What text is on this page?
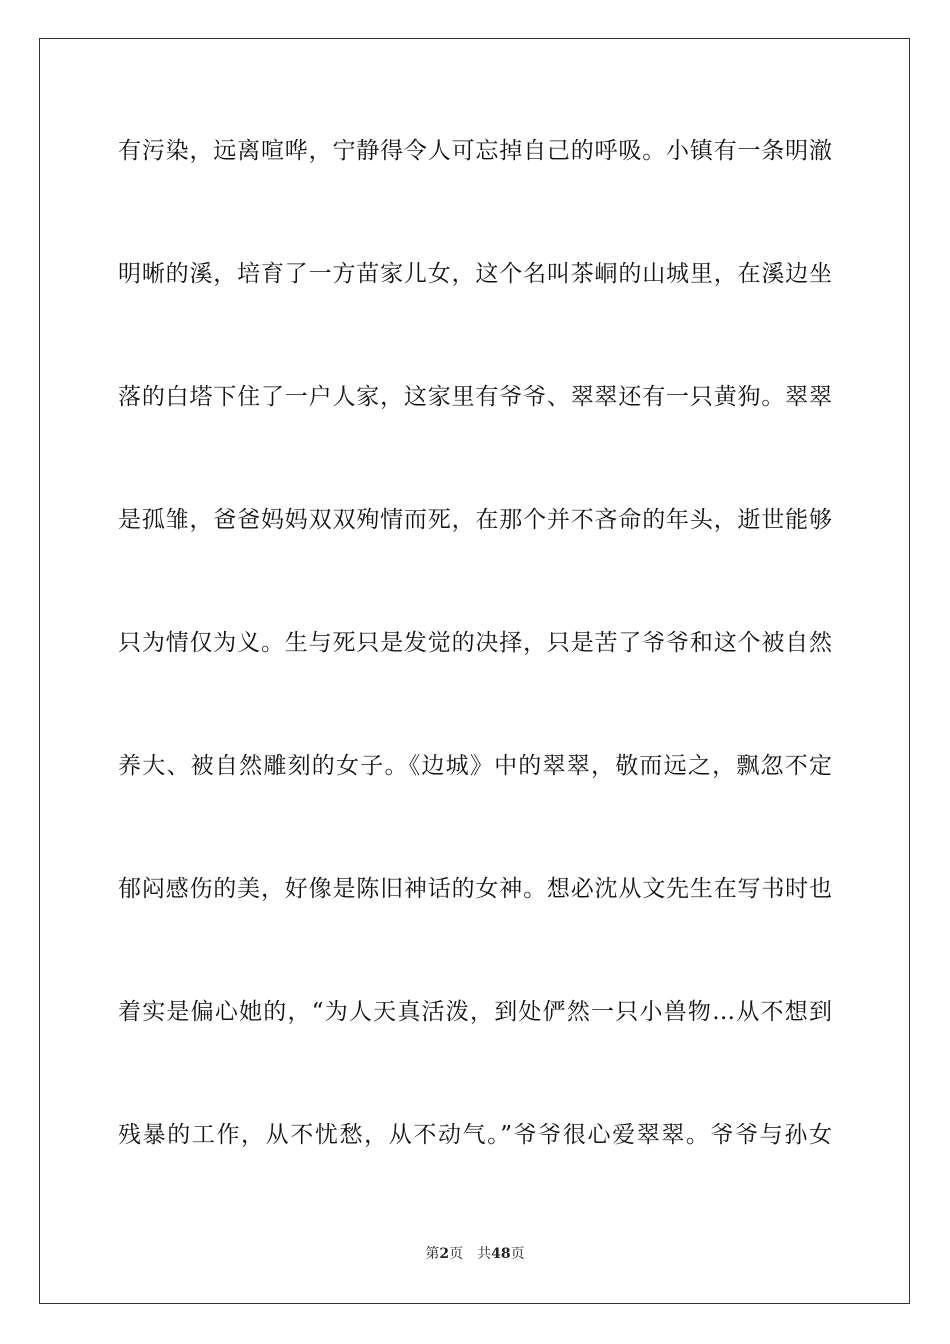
有污染，远离喧哗，宁静得令人可忘掉自己的呼吸。小镇有一条明澈
明晰的溪，培育了一方苗家儿女，这个名叫茶峒的山城里，在溪边坐
落的白塔下住了一户人家，这家里有爷爷、翠翠还有一只黄狗。翠翠
是孤雏，爸爸妈妈双双殉情而死，在那个并不吝命的年头，逝世能够
只为情仅为义。生与死只是发觉的决择，只是苦了爷爷和这个被自然
养大、被自然雕刻的女子。《边城》中的翠翠，敬而远之，飘忽不定
郁闷感伤的美，好像是陈旧神话的女神。想必沈从文先生在写书时也
着实是偏心她的，“为人天真活泼，到处俨然一只小兽物…从不想到
残暴的工作，从不忧愁，从不动气。”爷爷很心爱翠翠。爷爷与孙女
第2页 共48页
